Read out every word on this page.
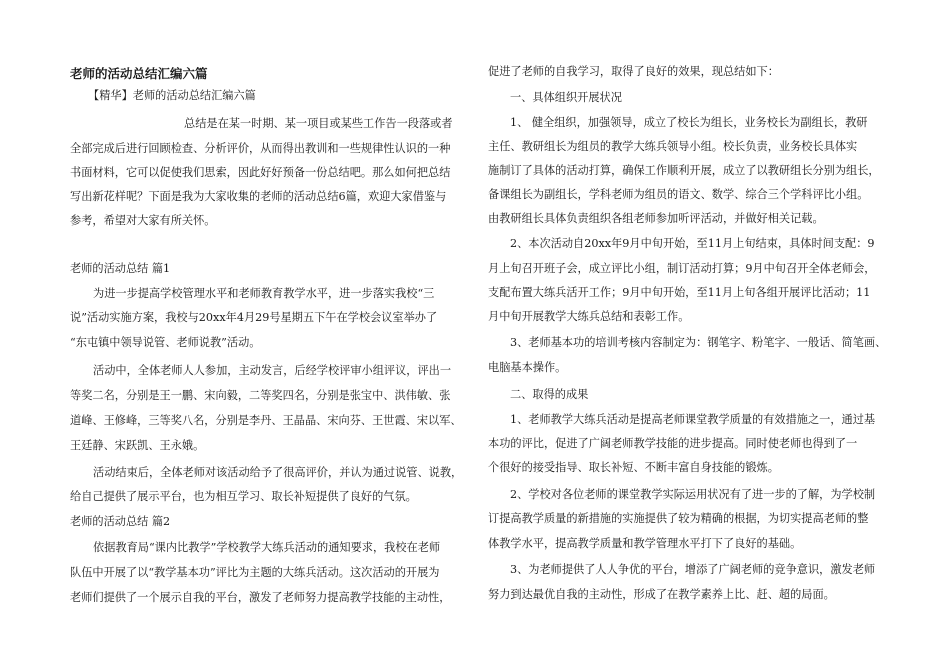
老师的活动总结汇编六篇
【精华】老师的活动总结汇编六篇
总结是在某一时期、某一项目或某些工作告一段落或者
全部完成后进行回顾检查、分析评价，从而得出教训和一些规律性认识的一种
书面材料，它可以促使我们思索，因此好好预备一份总结吧。那么如何把总结
写出新花样呢？下面是我为大家收集的老师的活动总结6篇，欢迎大家借鉴与
参考，希望对大家有所关怀。
老师的活动总结 篇1
为进一步提高学校管理水平和老师教育教学水平，进一步落实我校“三
说”活动实施方案，我校与20xx年4月29号星期五下午在学校会议室举办了
“东屯镇中领导说管、老师说教”活动。
活动中，全体老师人人参加，主动发言，后经学校评审小组评议，评出一
等奖二名，分别是王一鹏、宋向毅，二等奖四名，分别是张宝中、洪伟敏、张
道峰、王修峰，三等奖八名，分别是李丹、王晶晶、宋向芬、王世霞、宋以军、
王廷静、宋跃凯、王永娥。
活动结束后，全体老师对该活动给予了很高评价，并认为通过说管、说教，
给自己提供了展示平台，也为相互学习、取长补短提供了良好的气氛。
老师的活动总结 篇2
依据教育局“课内比教学”学校教学大练兵活动的通知要求，我校在老师
队伍中开展了以“教学基本功”评比为主题的大练兵活动。这次活动的开展为
老师们提供了一个展示自我的平台，激发了老师努力提高教学技能的主动性，
促进了老师的自我学习，取得了良好的效果，现总结如下：
一、具体组织开展状况
1、 健全组织，加强领导，成立了校长为组长，业务校长为副组长，教研
主任、教研组长为组员的教学大练兵领导小组。校长负责，业务校长具体实
施制订了具体的活动打算，确保工作顺利开展，成立了以教研组长分别为组长，
备课组长为副组长，学科老师为组员的语文、数学、综合三个学科评比小组。
由教研组长具体负责组织各组老师参加听评活动，并做好相关记载。
2、本次活动自20xx年9月中旬开始，至11月上旬结束，具体时间支配：9
月上旬召开班子会，成立评比小组，制订活动打算；9月中旬召开全体老师会，
支配布置大练兵活开工作；9月中旬开始，至11月上旬各组开展评比活动；11
月中旬开展教学大练兵总结和表彰工作。
3、老师基本功的培训考核内容制定为：钢笔字、粉笔字、一般话、简笔画、
电脑基本操作。
二、取得的成果
1、老师教学大练兵活动是提高老师课堂教学质量的有效措施之一，通过基
本功的评比，促进了广阔老师教学技能的进步提高。同时使老师也得到了一
个很好的接受指导、取长补短、不断丰富自身技能的锻炼。
2、学校对各位老师的课堂教学实际运用状况有了进一步的了解，为学校制
订提高教学质量的新措施的实施提供了较为精确的根据，为切实提高老师的整
体教学水平，提高教学质量和教学管理水平打下了良好的基础。
3、为老师提供了人人争优的平台，增添了广阔老师的竞争意识，激发老师
努力到达最优自我的主动性，形成了在教学素养上比、赶、超的局面。
